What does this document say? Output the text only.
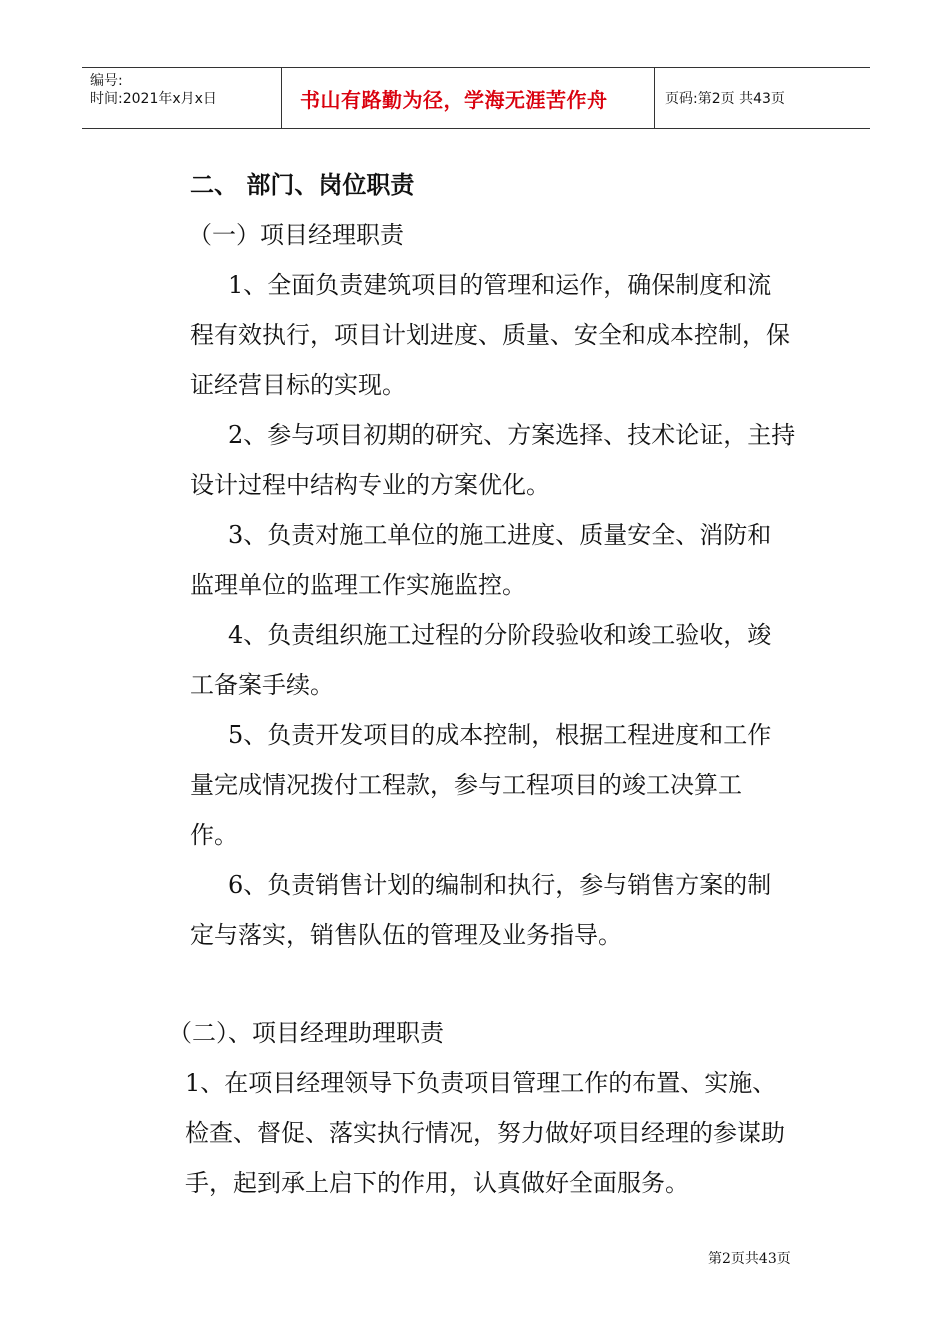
编号:
时间:2021年x月x日	书山有路勤为径，学海无涯苦作舟	页码:第2页 共43页
二、 部门、岗位职责
（一）项目经理职责
1、全面负责建筑项目的管理和运作，确保制度和流
程有效执行，项目计划进度、质量、安全和成本控制，保
证经营目标的实现。
2、参与项目初期的研究、方案选择、技术论证，主持
设计过程中结构专业的方案优化。
3、负责对施工单位的施工进度、质量安全、消防和
监理单位的监理工作实施监控。
4、负责组织施工过程的分阶段验收和竣工验收，竣
工备案手续。
5、负责开发项目的成本控制，根据工程进度和工作
量完成情况拨付工程款，参与工程项目的竣工决算工
作。
6、负责销售计划的编制和执行，参与销售方案的制
定与落实，销售队伍的管理及业务指导。
（二）、项目经理助理职责
1、在项目经理领导下负责项目管理工作的布置、实施、
检查、督促、落实执行情况，努力做好项目经理的参谋助
手，起到承上启下的作用，认真做好全面服务。
第2页共43页
